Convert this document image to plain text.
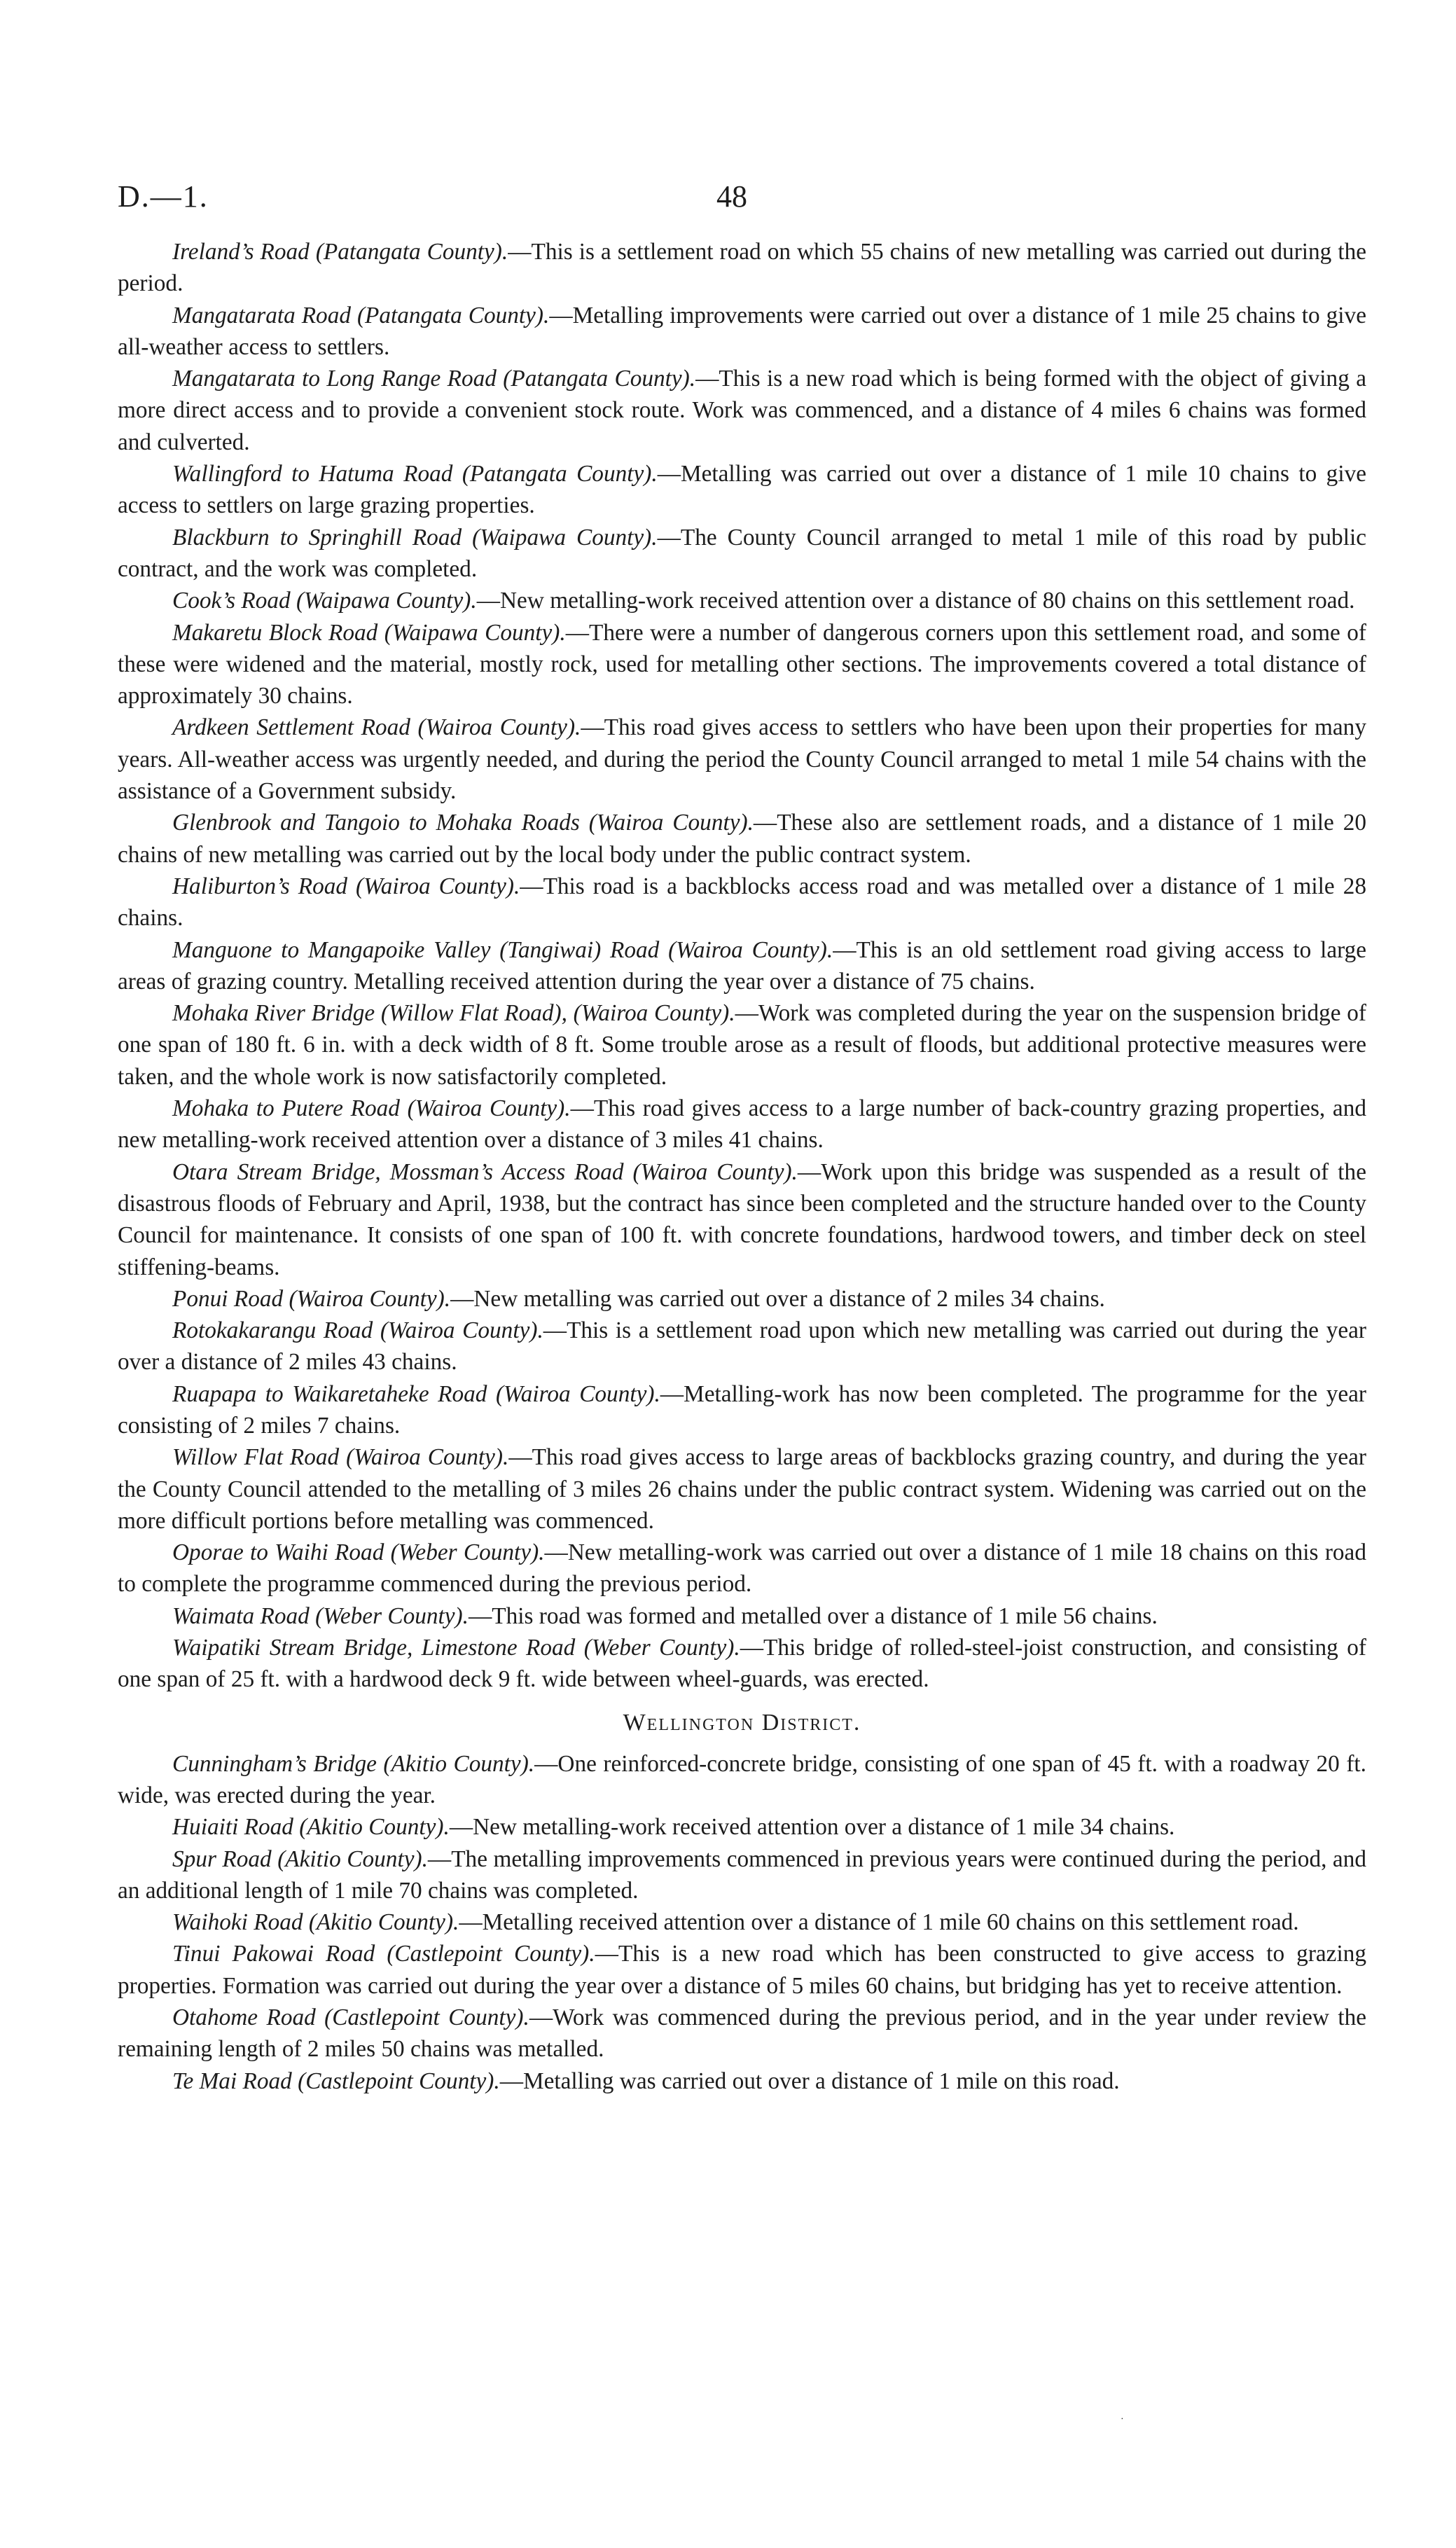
D.—1.	48

Ireland’s Road (Patangata County).—This is a settlement road on which 55 chains of new metalling was carried out during the period.

Mangatarata Road (Patangata County).—Metalling improvements were carried out over a distance of 1 mile 25 chains to give all-weather access to settlers.

Mangatarata to Long Range Road (Patangata County).—This is a new road which is being formed with the object of giving a more direct access and to provide a convenient stock route. Work was commenced, and a distance of 4 miles 6 chains was formed and culverted.

Wallingford to Hatuma Road (Patangata County).—Metalling was carried out over a distance of 1 mile 10 chains to give access to settlers on large grazing properties.

Blackburn to Springhill Road (Waipawa County).—The County Council arranged to metal 1 mile of this road by public contract, and the work was completed.

Cook’s Road (Waipawa County).—New metalling-work received attention over a distance of 80 chains on this settlement road.

Makaretu Block Road (Waipawa County).—There were a number of dangerous corners upon this settlement road, and some of these were widened and the material, mostly rock, used for metalling other sections. The improvements covered a total distance of approximately 30 chains.

Ardkeen Settlement Road (Wairoa County).—This road gives access to settlers who have been upon their properties for many years. All-weather access was urgently needed, and during the period the County Council arranged to metal 1 mile 54 chains with the assistance of a Government subsidy.

Glenbrook and Tangoio to Mohaka Roads (Wairoa County).—These also are settlement roads, and a distance of 1 mile 20 chains of new metalling was carried out by the local body under the public contract system.

Haliburton’s Road (Wairoa County).—This road is a backblocks access road and was metalled over a distance of 1 mile 28 chains.

Manguone to Mangapoike Valley (Tangiwai) Road (Wairoa County).—This is an old settlement road giving access to large areas of grazing country. Metalling received attention during the year over a distance of 75 chains.

Mohaka River Bridge (Willow Flat Road), (Wairoa County).—Work was completed during the year on the suspension bridge of one span of 180 ft. 6 in. with a deck width of 8 ft. Some trouble arose as a result of floods, but additional protective measures were taken, and the whole work is now satisfactorily completed.

Mohaka to Putere Road (Wairoa County).—This road gives access to a large number of back-country grazing properties, and new metalling-work received attention over a distance of 3 miles 41 chains.

Otara Stream Bridge, Mossman’s Access Road (Wairoa County).—Work upon this bridge was suspended as a result of the disastrous floods of February and April, 1938, but the contract has since been completed and the structure handed over to the County Council for maintenance. It consists of one span of 100 ft. with concrete foundations, hardwood towers, and timber deck on steel stiffening-beams.

Ponui Road (Wairoa County).—New metalling was carried out over a distance of 2 miles 34 chains.

Rotokakarangu Road (Wairoa County).—This is a settlement road upon which new metalling was carried out during the year over a distance of 2 miles 43 chains.

Ruapapa to Waikaretaheke Road (Wairoa County).—Metalling-work has now been completed. The programme for the year consisting of 2 miles 7 chains.

Willow Flat Road (Wairoa County).—This road gives access to large areas of backblocks grazing country, and during the year the County Council attended to the metalling of 3 miles 26 chains under the public contract system. Widening was carried out on the more difficult portions before metalling was commenced.

Oporae to Waihi Road (Weber County).—New metalling-work was carried out over a distance of 1 mile 18 chains on this road to complete the programme commenced during the previous period.

Waimata Road (Weber County).—This road was formed and metalled over a distance of 1 mile 56 chains.

Waipatiki Stream Bridge, Limestone Road (Weber County).—This bridge of rolled-steel-joist construction, and consisting of one span of 25 ft. with a hardwood deck 9 ft. wide between wheel-guards, was erected.

Wellington District.

Cunningham’s Bridge (Akitio County).—One reinforced-concrete bridge, consisting of one span of 45 ft. with a roadway 20 ft. wide, was erected during the year.

Huiaiti Road (Akitio County).—New metalling-work received attention over a distance of 1 mile 34 chains.

Spur Road (Akitio County).—The metalling improvements commenced in previous years were continued during the period, and an additional length of 1 mile 70 chains was completed.

Waihoki Road (Akitio County).—Metalling received attention over a distance of 1 mile 60 chains on this settlement road.

Tinui Pakowai Road (Castlepoint County).—This is a new road which has been constructed to give access to grazing properties. Formation was carried out during the year over a distance of 5 miles 60 chains, but bridging has yet to receive attention.

Otahome Road (Castlepoint County).—Work was commenced during the previous period, and in the year under review the remaining length of 2 miles 50 chains was metalled.

Te Mai Road (Castlepoint County).—Metalling was carried out over a distance of 1 mile on this road.

·
